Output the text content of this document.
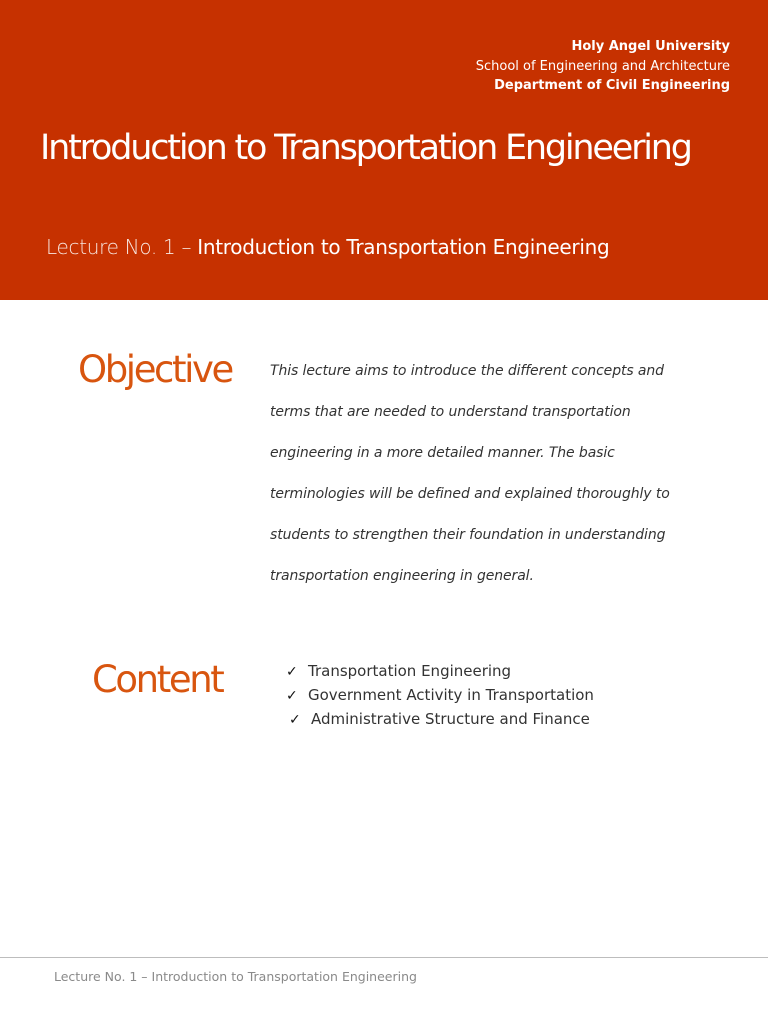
Holy Angel University
School of Engineering and Architecture
Department of Civil Engineering
Introduction to Transportation Engineering
Lecture No. 1 – Introduction to Transportation Engineering
Objective	This lecture aims to introduce the different concepts and terms that are needed to understand transportation engineering in a more detailed manner. The basic terminologies will be defined and explained thoroughly to students to strengthen their foundation in understanding transportation engineering in general.

Content	✓ Transportation Engineering
✓ Government Activity in Transportation
✓ Administrative Structure and Finance
Lecture No. 1 – Introduction to Transportation Engineering
